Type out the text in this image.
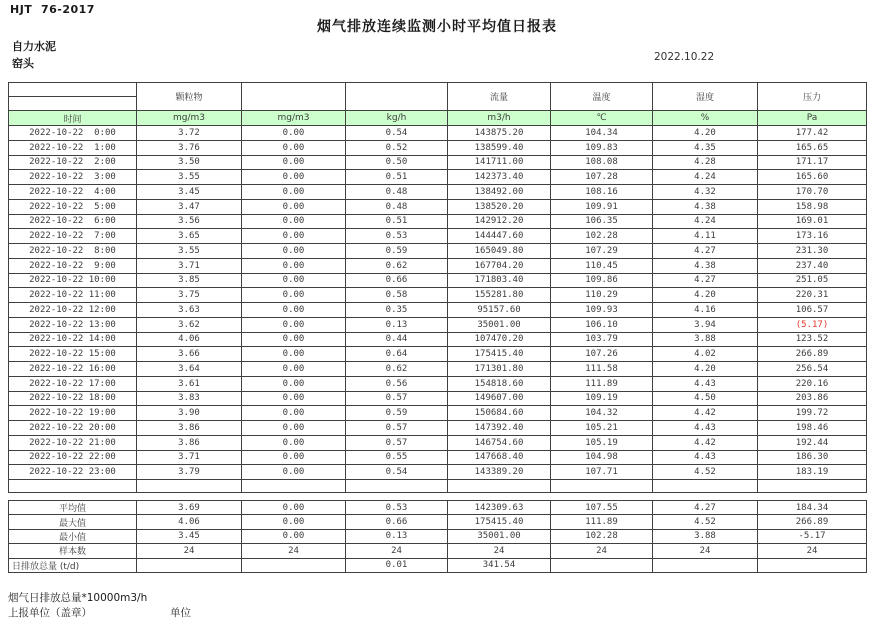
HJT  76-2017
烟气排放连续监测小时平均值日报表
自力水泥
窑头	2022.10.22
	颗粒物			流量	温度	湿度	压力

时间	mg/m3	mg/m3	kg/h	m3/h	℃	%	Pa
2022-10-22  0:00	3.72	0.00	0.54	143875.20	104.34	4.20	177.42
2022-10-22  1:00	3.76	0.00	0.52	138599.40	109.83	4.35	165.65
2022-10-22  2:00	3.50	0.00	0.50	141711.00	108.08	4.28	171.17
2022-10-22  3:00	3.55	0.00	0.51	142373.40	107.28	4.24	165.60
2022-10-22  4:00	3.45	0.00	0.48	138492.00	108.16	4.32	170.70
2022-10-22  5:00	3.47	0.00	0.48	138520.20	109.91	4.38	158.98
2022-10-22  6:00	3.56	0.00	0.51	142912.20	106.35	4.24	169.01
2022-10-22  7:00	3.65	0.00	0.53	144447.60	102.28	4.11	173.16
2022-10-22  8:00	3.55	0.00	0.59	165049.80	107.29	4.27	231.30
2022-10-22  9:00	3.71	0.00	0.62	167704.20	110.45	4.38	237.40
2022-10-22 10:00	3.85	0.00	0.66	171803.40	109.86	4.27	251.05
2022-10-22 11:00	3.75	0.00	0.58	155281.80	110.29	4.20	220.31
2022-10-22 12:00	3.63	0.00	0.35	95157.60	109.93	4.16	106.57
2022-10-22 13:00	3.62	0.00	0.13	35001.00	106.10	3.94	(5.17)
2022-10-22 14:00	4.06	0.00	0.44	107470.20	103.79	3.88	123.52
2022-10-22 15:00	3.66	0.00	0.64	175415.40	107.26	4.02	266.89
2022-10-22 16:00	3.64	0.00	0.62	171301.80	111.58	4.20	256.54
2022-10-22 17:00	3.61	0.00	0.56	154818.60	111.89	4.43	220.16
2022-10-22 18:00	3.83	0.00	0.57	149607.00	109.19	4.50	203.86
2022-10-22 19:00	3.90	0.00	0.59	150684.60	104.32	4.42	199.72
2022-10-22 20:00	3.86	0.00	0.57	147392.40	105.21	4.43	198.46
2022-10-22 21:00	3.86	0.00	0.57	146754.60	105.19	4.42	192.44
2022-10-22 22:00	3.71	0.00	0.55	147668.40	104.98	4.43	186.30
2022-10-22 23:00	3.79	0.00	0.54	143389.20	107.71	4.52	183.19

平均值	3.69	0.00	0.53	142309.63	107.55	4.27	184.34
最大值	4.06	0.00	0.66	175415.40	111.89	4.52	266.89
最小值	3.45	0.00	0.13	35001.00	102.28	3.88	-5.17
样本数	24	24	24	24	24	24	24
日排放总量 (t/d)			0.01	341.54			
烟气日排放总量*10000m3/h
上报单位（盖章）	单位
